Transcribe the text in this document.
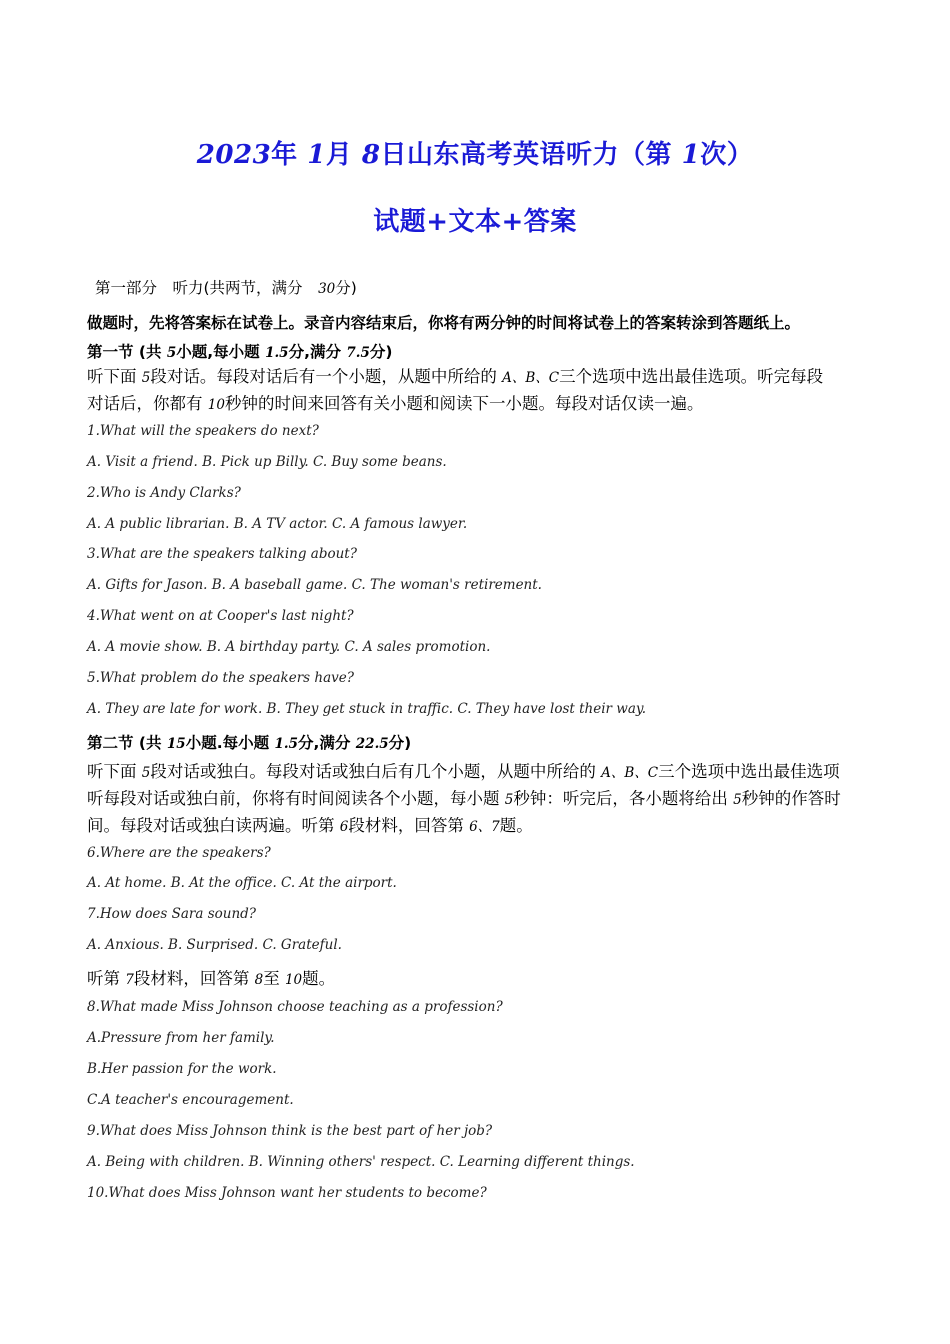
2023年 1月 8日山东高考英语听力（第 1次）
试题+文本+答案
第一部分　听力(共两节，满分　 30分)
做题时，先将答案标在试卷上。录音内容结束后，你将有两分钟的时间将试卷上的答案转涂到答题纸上。
第一节 (共 5小题,每小题 1.5分,满分 7.5分)
听下面 5段对话。每段对话后有一个小题，从题中所给的 A、B、C三个选项中选出最佳选项。听完每段
对话后，你都有 10秒钟的时间来回答有关小题和阅读下一小题。每段对话仅读一遍。
1.What will the speakers do next?
A. Visit a friend. B. Pick up Billy. C. Buy some beans.
2.Who is Andy Clarks?
A. A public librarian. B. A TV actor. C. A famous lawyer.
3.What are the speakers talking about?
A. Gifts for Jason. B. A baseball game. C. The woman's retirement.
4.What went on at Cooper's last night?
A. A movie show. B. A birthday party. C. A sales promotion.
5.What problem do the speakers have?
A. They are late for work. B. They get stuck in traffic. C. They have lost their way.
第二节 (共 15小题.每小题 1.5分,满分 22.5分)
听下面 5段对话或独白。每段对话或独白后有几个小题，从题中所给的 A、B、C三个选项中选出最佳选项
听每段对话或独白前，你将有时间阅读各个小题，每小题 5秒钟：听完后，各小题将给出 5秒钟的作答时
间。每段对话或独白读两遍。听第 6段材料，回答第 6、7题。
6.Where are the speakers?
A. At home. B. At the office. C. At the airport.
7.How does Sara sound?
A. Anxious. B. Surprised. C. Grateful.
听第 7段材料，回答第 8至 10题。
8.What made Miss Johnson choose teaching as a profession?
A.Pressure from her family.
B.Her passion for the work.
C.A teacher's encouragement.
9.What does Miss Johnson think is the best part of her job?
A. Being with children. B. Winning others' respect. C. Learning different things.
10.What does Miss Johnson want her students to become?
